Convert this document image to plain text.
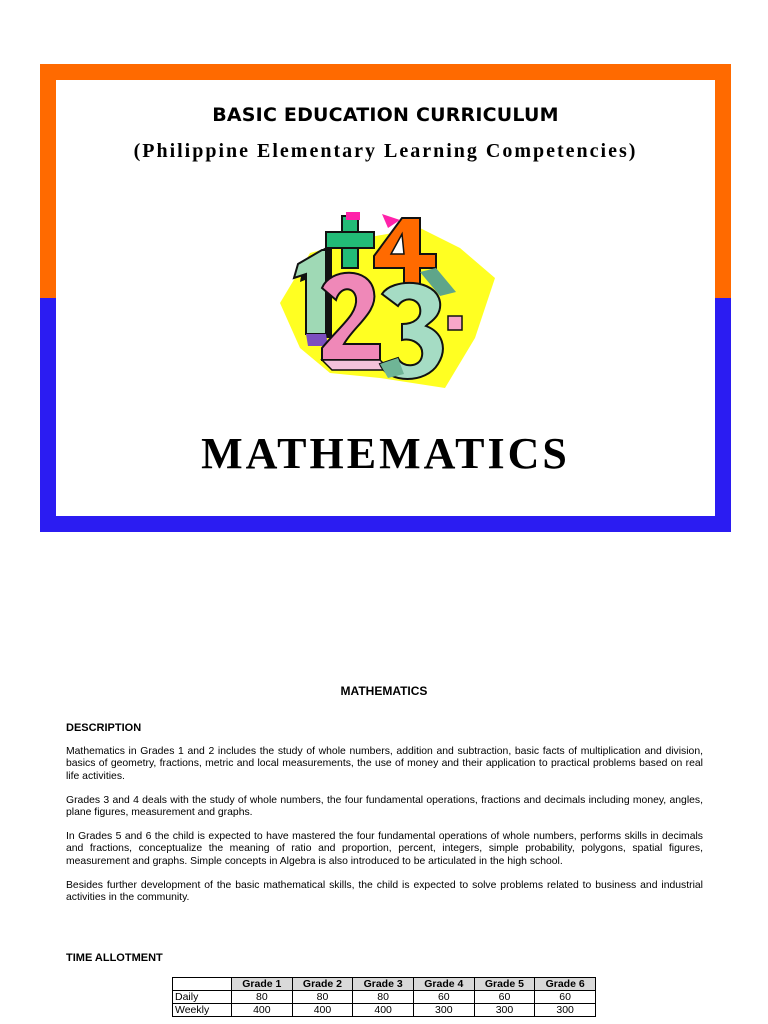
BASIC EDUCATION CURRICULUM
(Philippine Elementary Learning Competencies)
MATHEMATICS
MATHEMATICS
DESCRIPTION

Mathematics in Grades 1 and 2 includes the study of whole numbers, addition and subtraction, basic facts of multiplication and division, basics of geometry, fractions, metric and local measurements, the use of money and their application to practical problems based on real life activities.

Grades 3 and 4 deals with the study of whole numbers, the four fundamental operations, fractions and decimals including money, angles, plane figures, measurement and graphs.

In Grades 5 and 6 the child is expected to have mastered the four fundamental operations of whole numbers, performs skills in decimals and fractions, conceptualize the meaning of ratio and proportion, percent, integers, simple probability, polygons, spatial figures, measurement and graphs. Simple concepts in Algebra is also introduced to be articulated in the high school.

Besides further development of the basic mathematical skills, the child is expected to solve problems related to business and industrial activities in the community.

TIME ALLOTMENT
	Grade 1	Grade 2	Grade 3	Grade 4	Grade 5	Grade 6
Daily	80	80	80	60	60	60
Weekly	400	400	400	300	300	300
